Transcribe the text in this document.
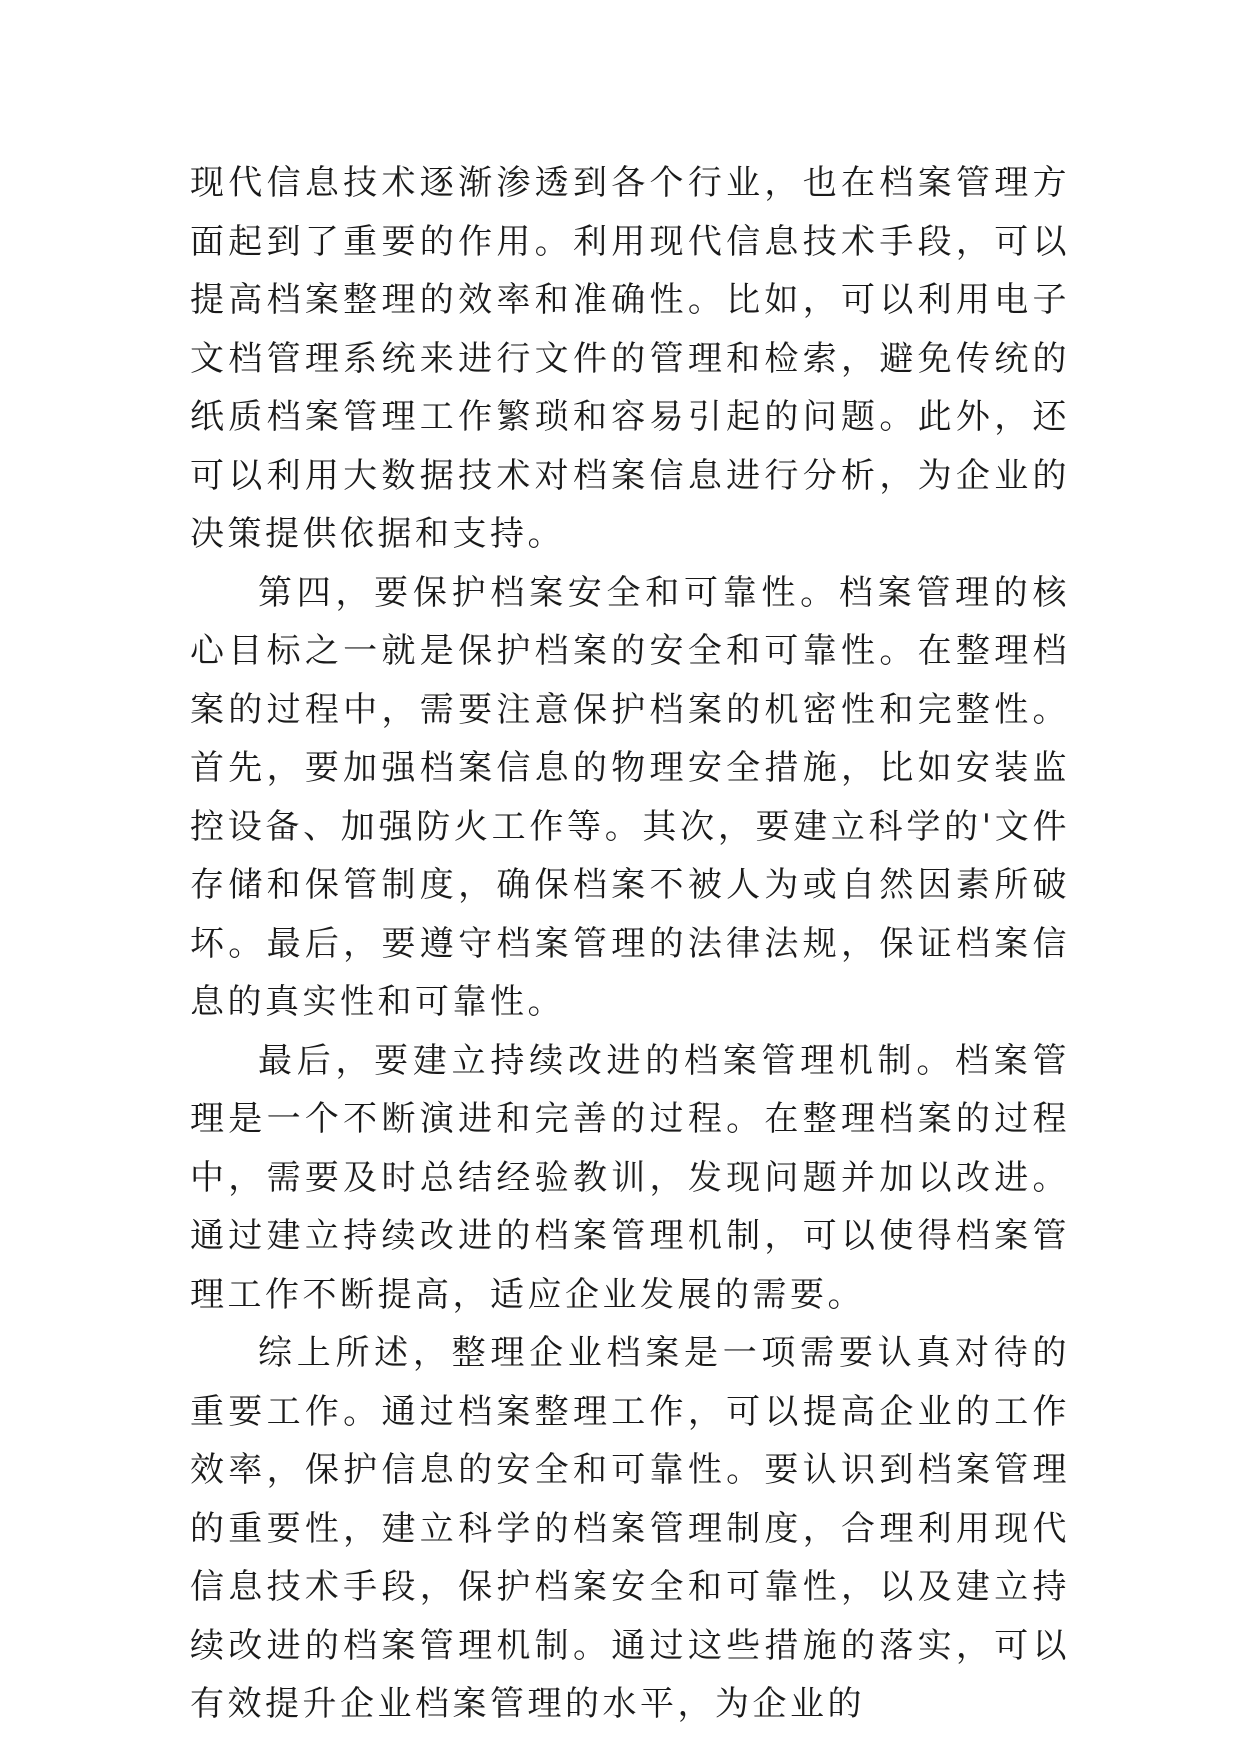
现代信息技术逐渐渗透到各个行业，也在档案管理方面起到了重要的作用。利用现代信息技术手段，可以提高档案整理的效率和准确性。比如，可以利用电子文档管理系统来进行文件的管理和检索，避免传统的纸质档案管理工作繁琐和容易引起的问题。此外，还可以利用大数据技术对档案信息进行分析，为企业的决策提供依据和支持。

第四，要保护档案安全和可靠性。档案管理的核心目标之一就是保护档案的安全和可靠性。在整理档案的过程中，需要注意保护档案的机密性和完整性。首先，要加强档案信息的物理安全措施，比如安装监控设备、加强防火工作等。其次，要建立科学的'文件存储和保管制度，确保档案不被人为或自然因素所破坏。最后，要遵守档案管理的法律法规，保证档案信息的真实性和可靠性。

最后，要建立持续改进的档案管理机制。档案管理是一个不断演进和完善的过程。在整理档案的过程中，需要及时总结经验教训，发现问题并加以改进。通过建立持续改进的档案管理机制，可以使得档案管理工作不断提高，适应企业发展的需要。

综上所述，整理企业档案是一项需要认真对待的重要工作。通过档案整理工作，可以提高企业的工作效率，保护信息的安全和可靠性。要认识到档案管理的重要性，建立科学的档案管理制度，合理利用现代信息技术手段，保护档案安全和可靠性，以及建立持续改进的档案管理机制。通过这些措施的落实，可以有效提升企业档案管理的水平，为企业的
